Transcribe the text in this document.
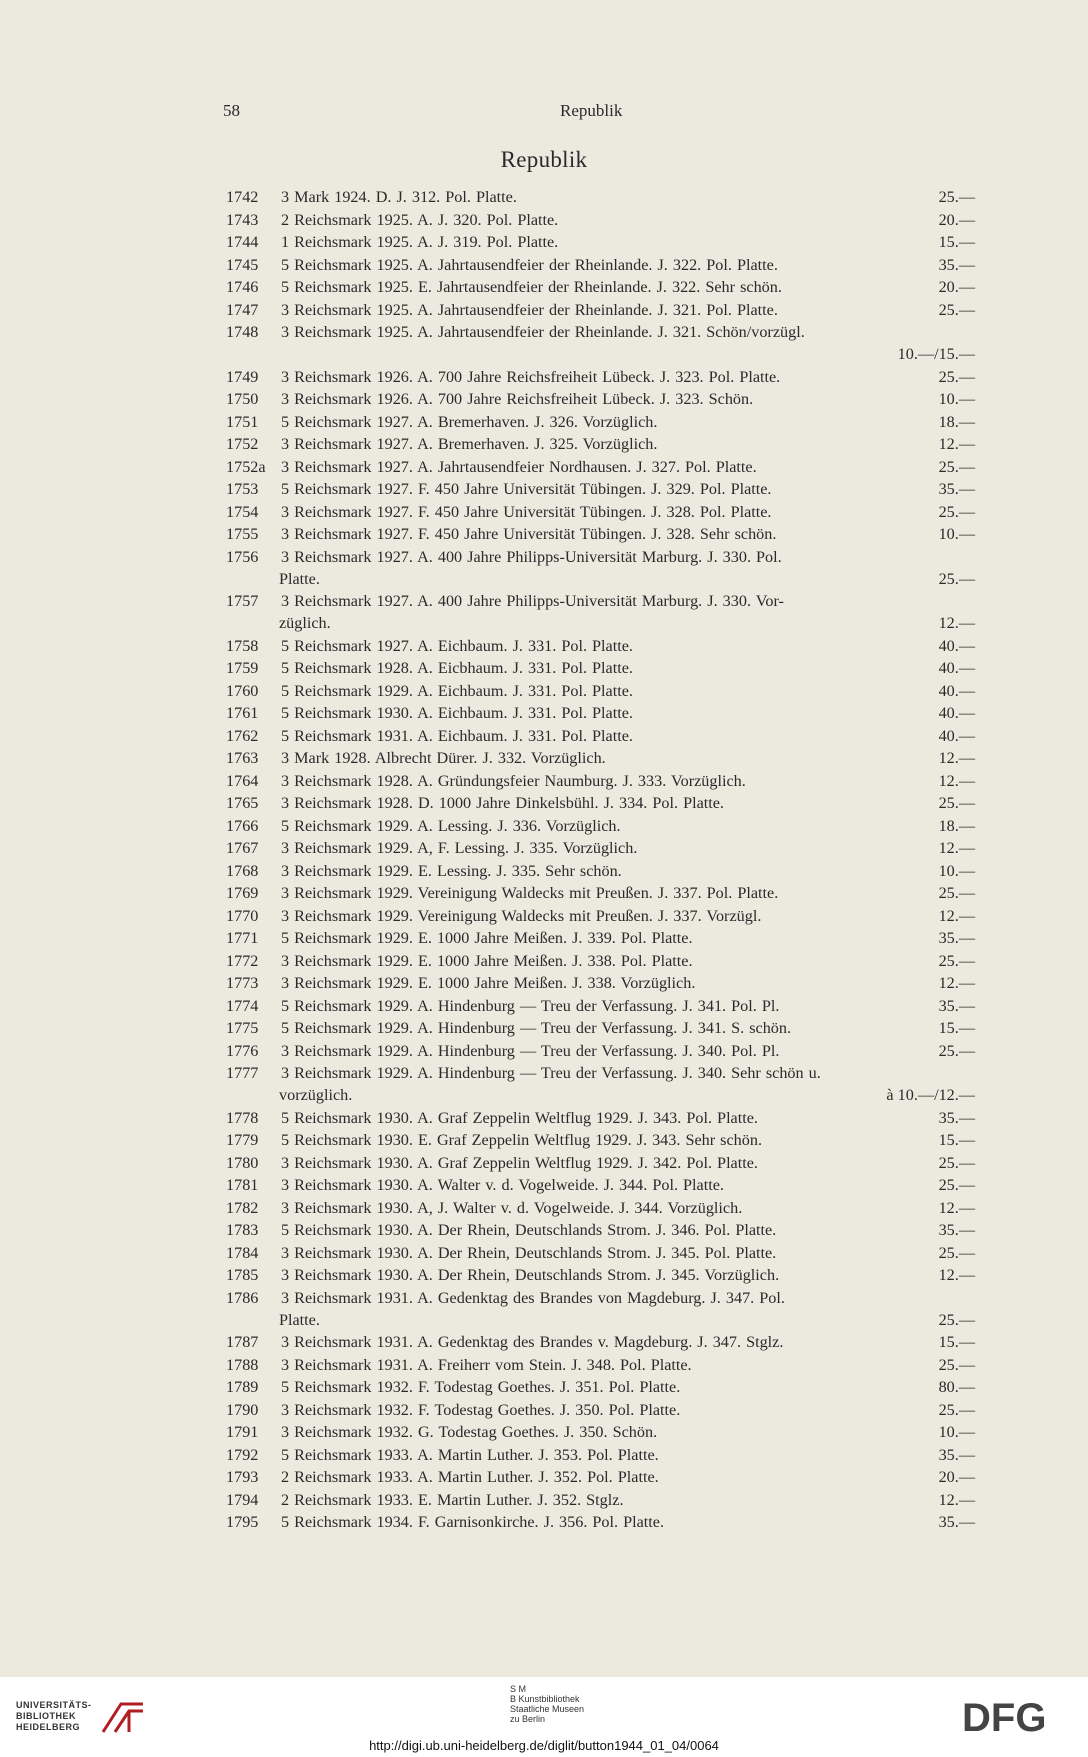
58	Republik
Republik
1742 3 Mark 1924. D. J. 312. Pol. Platte.	25.—
1743 2 Reichsmark 1925. A. J. 320. Pol. Platte.	20.—
1744 1 Reichsmark 1925. A. J. 319. Pol. Platte.	15.—
1745 5 Reichsmark 1925. A. Jahrtausendfeier der Rheinlande. J. 322. Pol. Platte.	35.—
1746 5 Reichsmark 1925. E. Jahrtausendfeier der Rheinlande. J. 322. Sehr schön.	20.—
1747 3 Reichsmark 1925. A. Jahrtausendfeier der Rheinlande. J. 321. Pol. Platte.	25.—
1748 3 Reichsmark 1925. A. Jahrtausendfeier der Rheinlande. J. 321. Schön/vorzügl.
10.—/15.—
1749 3 Reichsmark 1926. A. 700 Jahre Reichsfreiheit Lübeck. J. 323. Pol. Platte.	25.—
1750 3 Reichsmark 1926. A. 700 Jahre Reichsfreiheit Lübeck. J. 323. Schön.	10.—
1751 5 Reichsmark 1927. A. Bremerhaven. J. 326. Vorzüglich.	18.—
1752 3 Reichsmark 1927. A. Bremerhaven. J. 325. Vorzüglich.	12.—
1752a 3 Reichsmark 1927. A. Jahrtausendfeier Nordhausen. J. 327. Pol. Platte.	25.—
1753 5 Reichsmark 1927. F. 450 Jahre Universität Tübingen. J. 329. Pol. Platte.	35.—
1754 3 Reichsmark 1927. F. 450 Jahre Universität Tübingen. J. 328. Pol. Platte.	25.—
1755 3 Reichsmark 1927. F. 450 Jahre Universität Tübingen. J. 328. Sehr schön.	10.—
1756 3 Reichsmark 1927. A. 400 Jahre Philipps-Universität Marburg. J. 330. Pol.
Platte.	25.—
1757 3 Reichsmark 1927. A. 400 Jahre Philipps-Universität Marburg. J. 330. Vor-
züglich.	12.—
1758 5 Reichsmark 1927. A. Eichbaum. J. 331. Pol. Platte.	40.—
1759 5 Reichsmark 1928. A. Eicbhaum. J. 331. Pol. Platte.	40.—
1760 5 Reichsmark 1929. A. Eichbaum. J. 331. Pol. Platte.	40.—
1761 5 Reichsmark 1930. A. Eichbaum. J. 331. Pol. Platte.	40.—
1762 5 Reichsmark 1931. A. Eichbaum. J. 331. Pol. Platte.	40.—
1763 3 Mark 1928. Albrecht Dürer. J. 332. Vorzüglich.	12.—
1764 3 Reichsmark 1928. A. Gründungsfeier Naumburg. J. 333. Vorzüglich.	12.—
1765 3 Reichsmark 1928. D. 1000 Jahre Dinkelsbühl. J. 334. Pol. Platte.	25.—
1766 5 Reichsmark 1929. A. Lessing. J. 336. Vorzüglich.	18.—
1767 3 Reichsmark 1929. A, F. Lessing. J. 335. Vorzüglich.	12.—
1768 3 Reichsmark 1929. E. Lessing. J. 335. Sehr schön.	10.—
1769 3 Reichsmark 1929. Vereinigung Waldecks mit Preußen. J. 337. Pol. Platte.	25.—
1770 3 Reichsmark 1929. Vereinigung Waldecks mit Preußen. J. 337. Vorzügl.	12.—
1771 5 Reichsmark 1929. E. 1000 Jahre Meißen. J. 339. Pol. Platte.	35.—
1772 3 Reichsmark 1929. E. 1000 Jahre Meißen. J. 338. Pol. Platte.	25.—
1773 3 Reichsmark 1929. E. 1000 Jahre Meißen. J. 338. Vorzüglich.	12.—
1774 5 Reichsmark 1929. A. Hindenburg — Treu der Verfassung. J. 341. Pol. Pl.	35.—
1775 5 Reichsmark 1929. A. Hindenburg — Treu der Verfassung. J. 341. S. schön.	15.—
1776 3 Reichsmark 1929. A. Hindenburg — Treu der Verfassung. J. 340. Pol. Pl.	25.—
1777 3 Reichsmark 1929. A. Hindenburg — Treu der Verfassung. J. 340. Sehr schön u.
vorzüglich.	à 10.—/12.—
1778 5 Reichsmark 1930. A. Graf Zeppelin Weltflug 1929. J. 343. Pol. Platte.	35.—
1779 5 Reichsmark 1930. E. Graf Zeppelin Weltflug 1929. J. 343. Sehr schön.	15.—
1780 3 Reichsmark 1930. A. Graf Zeppelin Weltflug 1929. J. 342. Pol. Platte.	25.—
1781 3 Reichsmark 1930. A. Walter v. d. Vogelweide. J. 344. Pol. Platte.	25.—
1782 3 Reichsmark 1930. A, J. Walter v. d. Vogelweide. J. 344. Vorzüglich.	12.—
1783 5 Reichsmark 1930. A. Der Rhein, Deutschlands Strom. J. 346. Pol. Platte.	35.—
1784 3 Reichsmark 1930. A. Der Rhein, Deutschlands Strom. J. 345. Pol. Platte.	25.—
1785 3 Reichsmark 1930. A. Der Rhein, Deutschlands Strom. J. 345. Vorzüglich.	12.—
1786 3 Reichsmark 1931. A. Gedenktag des Brandes von Magdeburg. J. 347. Pol.
Platte.	25.—
1787 3 Reichsmark 1931. A. Gedenktag des Brandes v. Magdeburg. J. 347. Stglz.	15.—
1788 3 Reichsmark 1931. A. Freiherr vom Stein. J. 348. Pol. Platte.	25.—
1789 5 Reichsmark 1932. F. Todestag Goethes. J. 351. Pol. Platte.	80.—
1790 3 Reichsmark 1932. F. Todestag Goethes. J. 350. Pol. Platte.	25.—
1791 3 Reichsmark 1932. G. Todestag Goethes. J. 350. Schön.	10.—
1792 5 Reichsmark 1933. A. Martin Luther. J. 353. Pol. Platte.	35.—
1793 2 Reichsmark 1933. A. Martin Luther. J. 352. Pol. Platte.	20.—
1794 2 Reichsmark 1933. E. Martin Luther. J. 352. Stglz.	12.—
1795 5 Reichsmark 1934. F. Garnisonkirche. J. 356. Pol. Platte.	35.—
UNIVERSITÄTS-
BIBLIOTHEK
HEIDELBERG
S M
B Kunstbibliothek
Staatliche Museen
zu Berlin	DFG
http://digi.ub.uni-heidelberg.de/diglit/button1944_01_04/0064
